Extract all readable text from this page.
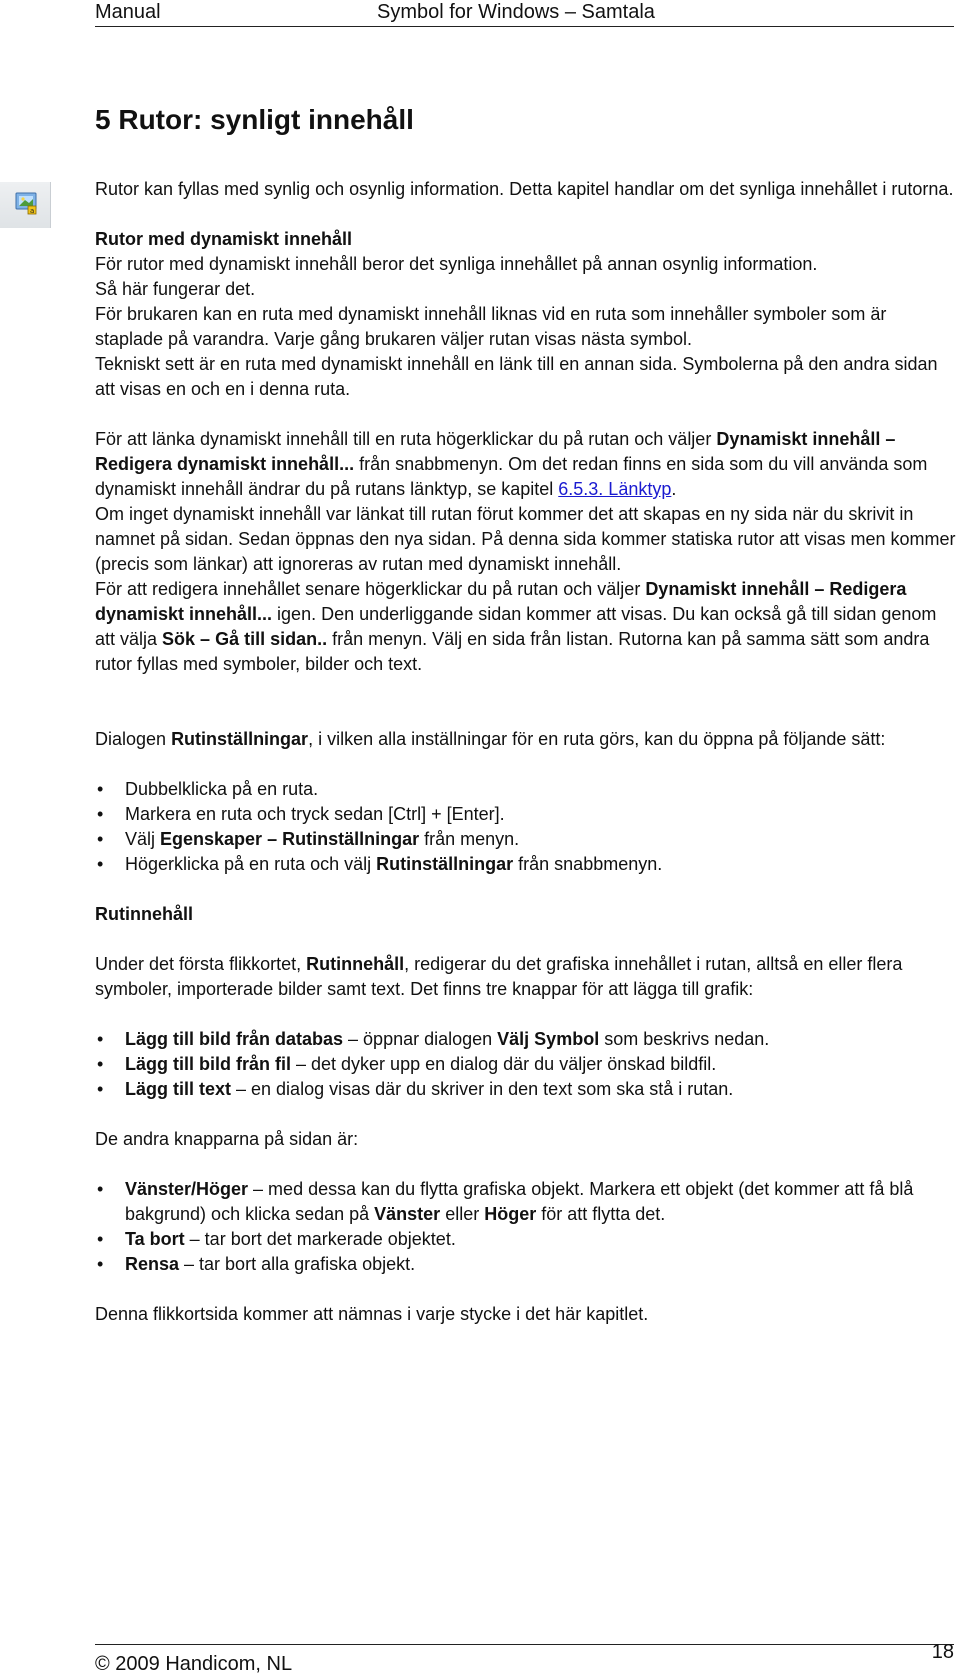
Manual	Symbol for Windows – Samtala
a
5 Rutor: synligt innehåll

Rutor kan fyllas med synlig och osynlig information. Detta kapitel handlar om det synliga innehållet i rutorna.

Rutor med dynamiskt innehåll

För rutor med dynamiskt innehåll beror det synliga innehållet på annan osynlig information.

Så här fungerar det.

För brukaren kan en ruta med dynamiskt innehåll liknas vid en ruta som innehåller symboler som är staplade på varandra. Varje gång brukaren väljer rutan visas nästa symbol.

Tekniskt sett är en ruta med dynamiskt innehåll en länk till en annan sida. Symbolerna på den andra sidan att visas en och en i denna ruta.

För att länka dynamiskt innehåll till en ruta högerklickar du på rutan och väljer Dynamiskt innehåll – Redigera dynamiskt innehåll... från snabbmenyn. Om det redan finns en sida som du vill använda som dynamiskt innehåll ändrar du på rutans länktyp, se kapitel 6.5.3. Länktyp.

Om inget dynamiskt innehåll var länkat till rutan förut kommer det att skapas en ny sida när du skrivit in namnet på sidan. Sedan öppnas den nya sidan. På denna sida kommer statiska rutor att visas men kommer (precis som länkar) att ignoreras av rutan med dynamiskt innehåll.

För att redigera innehållet senare högerklickar du på rutan och väljer Dynamiskt innehåll – Redigera dynamiskt innehåll... igen. Den underliggande sidan kommer att visas. Du kan också gå till sidan genom att välja Sök – Gå till sidan.. från menyn. Välj en sida från listan. Rutorna kan på samma sätt som andra rutor fyllas med symboler, bilder och text.

Dialogen Rutinställningar, i vilken alla inställningar för en ruta görs, kan du öppna på följande sätt:

• Dubbelklicka på en ruta.
• Markera en ruta och tryck sedan [Ctrl] + [Enter].
• Välj Egenskaper – Rutinställningar från menyn.
• Högerklicka på en ruta och välj Rutinställningar från snabbmenyn.

Rutinnehåll

Under det första flikkortet, Rutinnehåll, redigerar du det grafiska innehållet i rutan, alltså en eller flera symboler, importerade bilder samt text. Det finns tre knappar för att lägga till grafik:

• Lägg till bild från databas – öppnar dialogen Välj Symbol som beskrivs nedan.
• Lägg till bild från fil – det dyker upp en dialog där du väljer önskad bildfil.
• Lägg till text – en dialog visas där du skriver in den text som ska stå i rutan.

De andra knapparna på sidan är:

• Vänster/Höger – med dessa kan du flytta grafiska objekt. Markera ett objekt (det kommer att få blå bakgrund) och klicka sedan på Vänster eller Höger för att flytta det.
• Ta bort – tar bort det markerade objektet.
• Rensa – tar bort alla grafiska objekt.

Denna flikkortsida kommer att nämnas i varje stycke i det här kapitlet.

© 2009 Handicom, NL
18
